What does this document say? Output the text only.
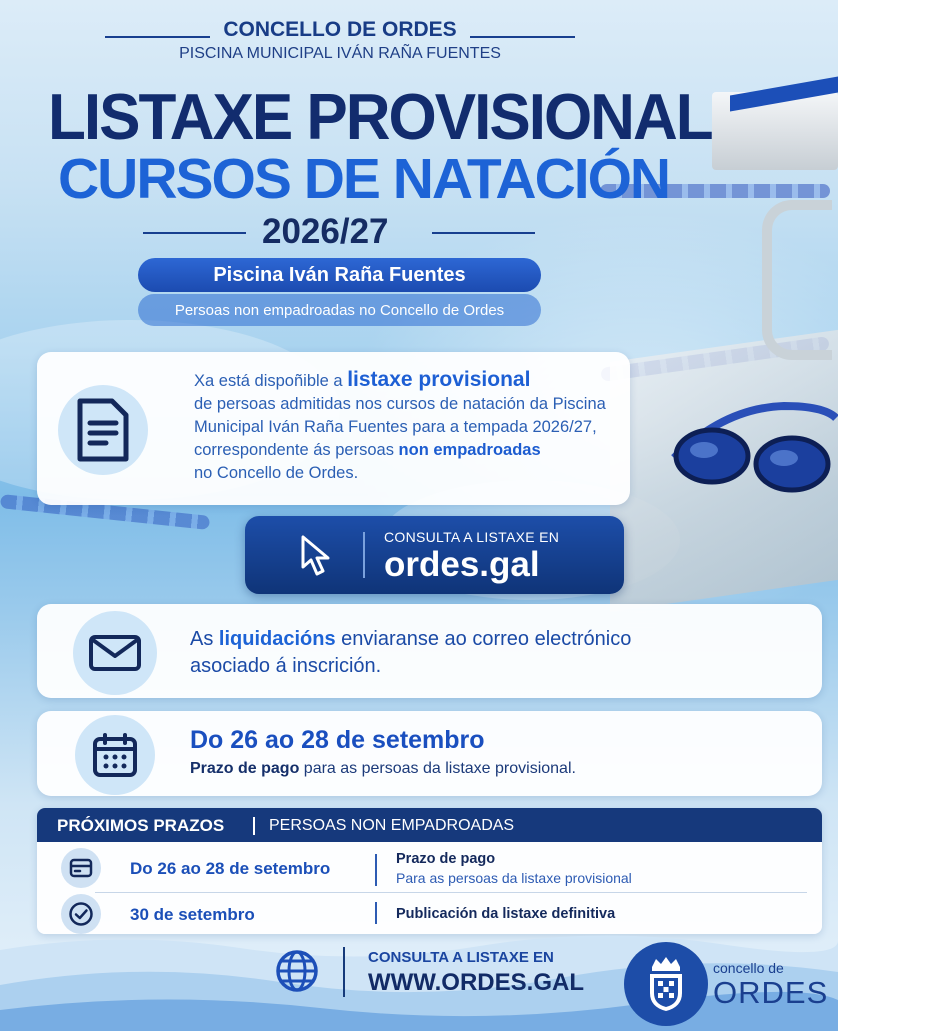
CONCELLO DE ORDES
PISCINA MUNICIPAL IVÁN RAÑA FUENTES
LISTAXE PROVISIONAL
CURSOS DE NATACIÓN
2026/27
Piscina Iván Raña Fuentes
Persoas non empadroadas no Concello de Ordes
Xa está dispoñible a listaxe provisional
de persoas admitidas nos cursos de natación da Piscina Municipal Iván Raña Fuentes para a tempada 2026/27, correspondente ás persoas non empadroadas
no Concello de Ordes.
CONSULTA A LISTAXE EN
ordes.gal
As liquidacións enviaranse ao correo electrónico asociado á inscrición.
Do 26 ao 28 de setembro
Prazo de pago para as persoas da listaxe provisional.
PRÓXIMOS PRAZOS	PERSOAS NON EMPADROADAS
Do 26 ao 28 de setembro	Prazo de pago
Para as persoas da listaxe provisional
30 de setembro	Publicación da listaxe definitiva
CONSULTA A LISTAXE EN
WWW.ORDES.GAL
concello de
ORDES
